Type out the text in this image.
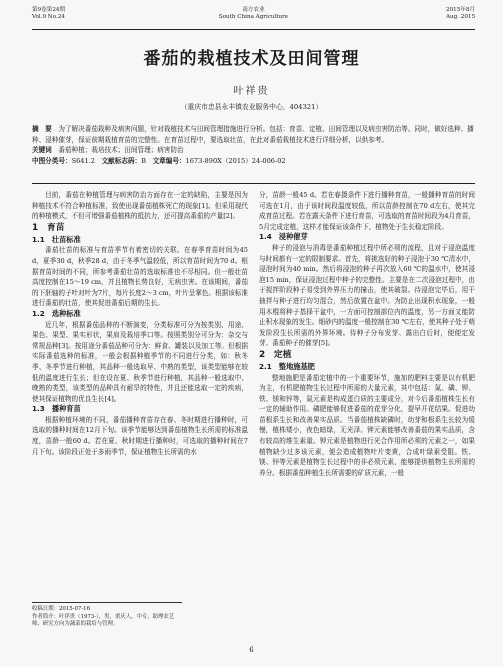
第9卷第24期
Vol.9 No.24
南方农业
South China Agriculture
2015年8月
Aug. 2015
番茄的栽植技术及田间管理
叶祥贵
（重庆市忠县永丰镇农业服务中心，404321）

摘　要　 为了解决番茄栽种及病害问题，针对栽植技术与田间管理措施进行分析。包括：育苗、定植、田间管理以及病虫害防治等。同时，做好选种、播种、浸种催芽，保证前期栽植育苗的完整性。在育苗过程中，要选取壮苗，在此对番茄栽植技术进行详细分析，以供参考。

关键词　 番茄种植；栽培技术；田间管理；病害防治

中图分类号：S641.2　 文献标志码：B　 文章编号：1673-890X（2015）24-006-02

目前，番茄在种植管理与病害防治方面存在一定的缺陷，主要是因为种植技术不符合种植标准，致使出现番茄植株死亡的现象[1]。但采用现代的种植模式，不但可增强番茄植株的抵抗力，还可提高番茄的产量[2]。

1　育苗
1.1　壮苗标准

番茄壮苗的标准与育苗季节有着密切的关联。在春季育苗时间为45 d，夏季30 d，秋季28 d，由于冬季气温较低，所以育苗时间为70 d。根据育苗时间的不同，所参考番茄壮苗的选取标准也不尽相同。但一般壮苗高度控制在15～19 cm，并且植物长势良好，无病虫害。在该期间，番茄的下胚轴的子叶对叶为7片，每片长度2～3 cm，叶片呈掌色。根据该标准进行番茄的壮苗，使其促进番茄后期的生长。

1.2　选种标准

近几年，根据番茄品种的不断演变，分类标准可分为按类别、用途、果色、果型、果实形状，果肩及栽培季口等。按照类别分可分为：杂交与常规品种[3]。按用途分番茄品种可分为：鲜食、罐装以及加工等。但根据实际番茄选种的标准，一般会根据种植季节的不同进行分类，如：秋冬季、冬季节进行种植，其品种一般选取早、中熟的类型，该类型能够在较低的温度进行生长；但在设在夏、秋季节进行种植，其品种一般选取中、晚熟的类型，该类型的品种具有耐旱的特性，并且还能选取一定的疾病，使其保证植物的优良生长[4]。

1.3　播种育苗

根据种植环境的不同，番茄播种育苗存在春、冬时期进行播种时，可选取的播种时间在12月下旬。该季节能够达到番茄植物生长所需的标准温度，苗龄一般60 d。若在夏、秋时期进行播种时，可选取的播种时间在7月下旬。该阶段正处于多雨季节，保证植物生长所需的水

分，苗龄一般45 d。若在春摄条件下进行播种育苗，一般播种育苗的时间可选在1月，由于该时间段温度较低，所以苗龄控制在70 d左右，使其完成育苗过程。若在露天条件下进行育苗，可选取的育苗时间段为4月育苗，5月完成定植，这样才能保证该条件下，植物处于生长稳定阶段。

1.4　浸种催芽

种子的浸泡与消毒是番茄种植过程中所必须的流程，且对于浸泡温度与时间都有一定的限制要求。首先，将挑选好的种子浸泡于30 ℃清水中，浸泡时间为40 min。然后将浸泡的种子再次放入60 ℃的温水中，使其浸泡15 min，保证浸泡过程中种子的完整性。主要是在二次浸泡过程中，由于搅拌阶段种子易受到外界压力的撞击，使其破裂。待浸泡完毕后，用干抽拌与种子进行均匀混合，然后放置在盆中。为防止出现积水现象，一般用木棍将种子基择干盆中，一方面可控制部位内的温度，另一方面又能防止积水现象的发生。细砂内的温度一般控制在30 ℃左右，使其种子处于萌发阶段生长所需的外界环境。待种子分布发芽、露出白后时，便便定发芽、番茄种子的催芽[5]。

2　定植
2.1　整地施基肥

整地施肥是番茄定植中的一个重要环节，施加的肥料主要是以有机肥为主，有机肥植物生长过程中所需的大量元素，其中包括：氮、磷、钾、铁、镁和锌等，氮元素是构成蛋白质的主要成分，对今后番茄植株生长有一定的辅助作用。磷肥能够促进番茄的花芽分化，提早开花结果。促进幼苗根系生长和改善果实品质。当番茄植株缺磷时，幼芽和根系生长较为缓慢，植株矮小，夜色暗绿，无光泽。钾元素能够改善番茄的果实品质，含有较高的维生素量。钾元素是植物进行光合作用所必须的元素之一，如果植物缺少过多该元素，便会造成植物叶片变黄，合成叶绿素受阻。铁、镁、锌等元素是植物生长过程中的非必须元素，能够提供植物生长所需的养分。根据番茄种植生长所需要的矿质元素，一般

收稿日期：2015-07-16
作者简介：叶祥贵（1973-），男，重庆人，中专，助理农艺师，研究方向为蔬菜的栽培与管理。
6
